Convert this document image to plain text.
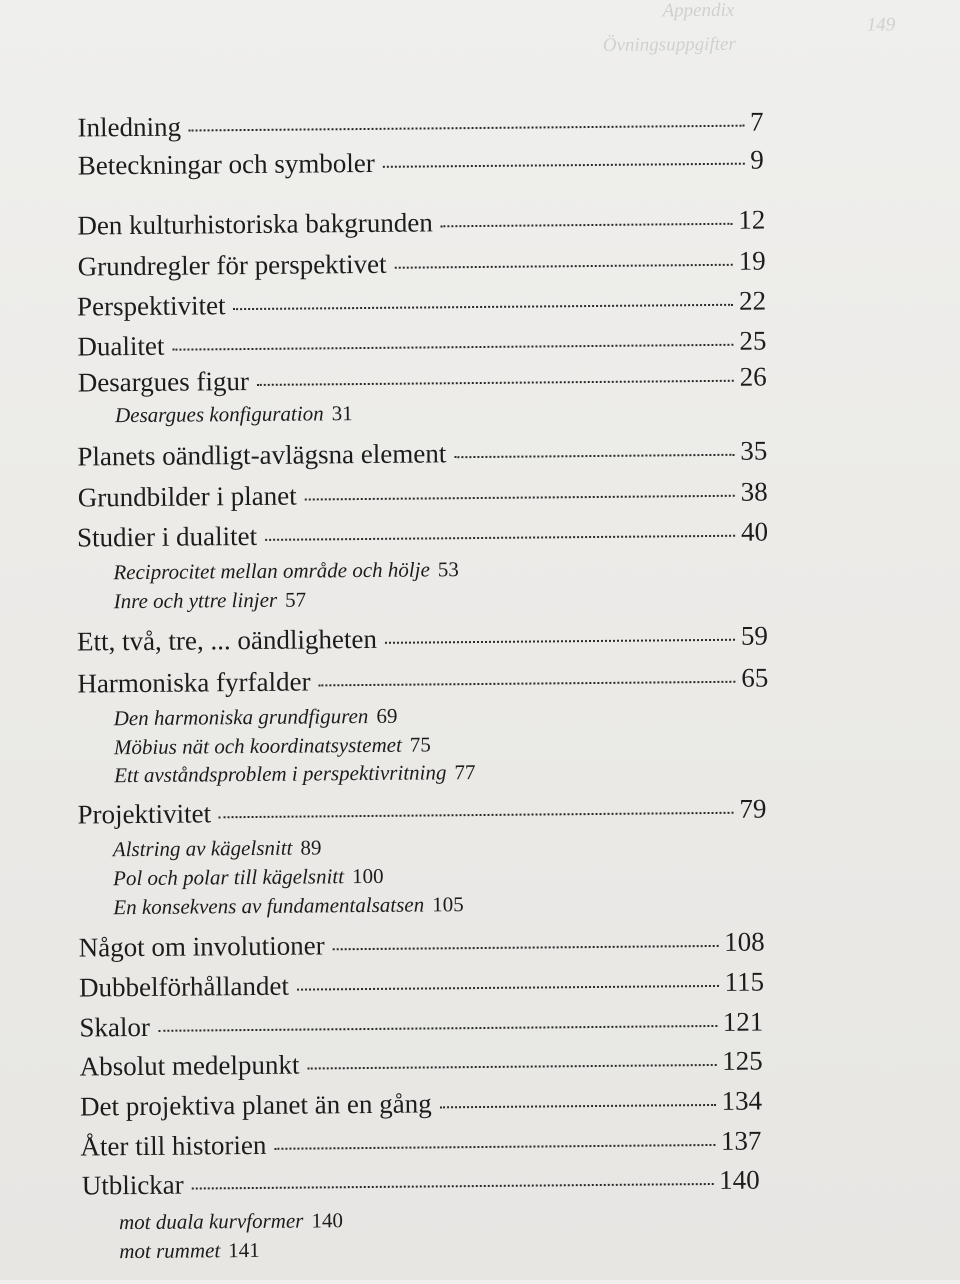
Appendix
Övningsuppgifter
149
Inledning	7
Beteckningar och symboler	9
Den kulturhistoriska bakgrunden	12
Grundregler för perspektivet	19
Perspektivitet	22
Dualitet	25
Desargues figur	26
Desargues konfiguration 31
Planets oändligt-avlägsna element	35
Grundbilder i planet	38
Studier i dualitet	40
Reciprocitet mellan område och hölje 53
Inre och yttre linjer 57
Ett, två, tre, ... oändligheten	59
Harmoniska fyrfalder	65
Den harmoniska grundfiguren 69
Möbius nät och koordinatsystemet 75
Ett avståndsproblem i perspektivritning 77
Projektivitet	79
Alstring av kägelsnitt 89
Pol och polar till kägelsnitt 100
En konsekvens av fundamentalsatsen 105
Något om involutioner	108
Dubbelförhållandet	115
Skalor	121
Absolut medelpunkt	125
Det projektiva planet än en gång	134
Åter till historien	137
Utblickar	140
mot duala kurvformer 140
mot rummet 141
